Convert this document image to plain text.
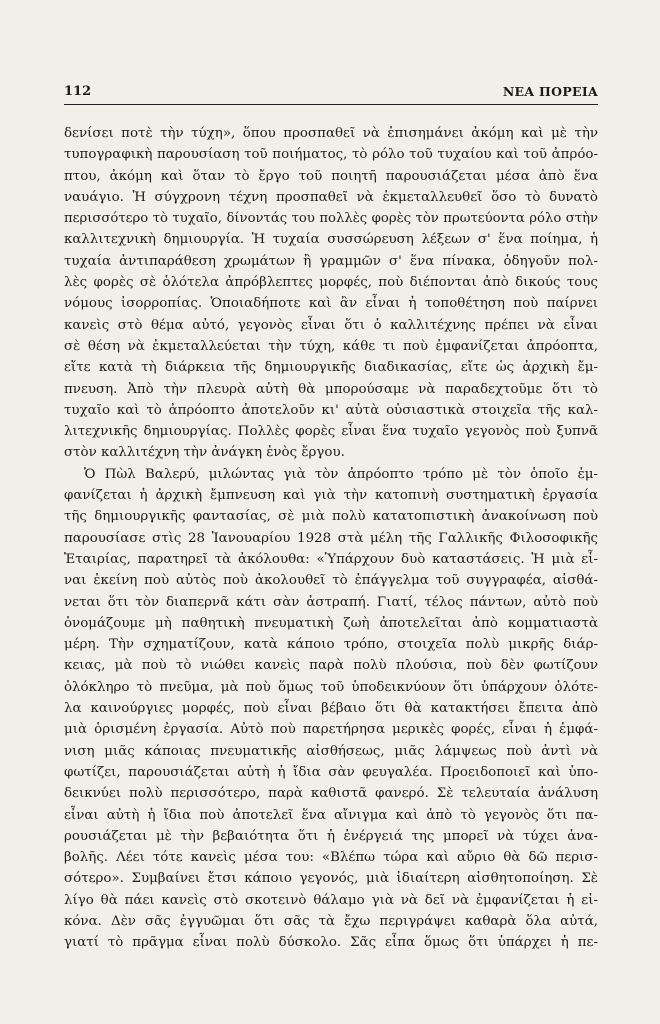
112	ΝΕΑ ΠΟΡΕΙΑ
δενίσει ποτὲ τὴν τύχη», ὅπου προσπαθεῖ νὰ ἐπισημάνει ἀκόμη καὶ μὲ τὴν
τυπογραφικὴ παρουσίαση τοῦ ποιήματος, τὸ ρόλο τοῦ τυχαίου καὶ τοῦ ἀπρόο-
πτου, ἀκόμη καὶ ὅταν τὸ ἔργο τοῦ ποιητῆ παρουσιάζεται μέσα ἀπὸ ἕνα
ναυάγιο. Ἡ σύγχρονη τέχνη προσπαθεῖ νὰ ἐκμεταλλευθεῖ ὅσο τὸ δυνατὸ
περισσότερο τὸ τυχαῖο, δίνοντάς του πολλὲς φορὲς τὸν πρωτεύοντα ρόλο στὴν
καλλιτεχνικὴ δημιουργία. Ἡ τυχαία συσσώρευση λέξεων σ' ἕνα ποίημα, ἡ
τυχαία ἀντιπαράθεση χρωμάτων ἢ γραμμῶν σ' ἕνα πίνακα, ὁδηγοῦν πολ-
λὲς φορὲς σὲ ὁλότελα ἀπρόβλεπτες μορφές, ποὺ διέπονται ἀπὸ δικούς τους
νόμους ἰσορροπίας. Ὁποιαδήποτε καὶ ἂν εἶναι ἡ τοποθέτηση ποὺ παίρνει
κανεὶς στὸ θέμα αὐτό, γεγονὸς εἶναι ὅτι ὁ καλλιτέχνης πρέπει νὰ εἶναι
σὲ θέση νὰ ἐκμεταλλεύεται τὴν τύχη, κάθε τι ποὺ ἐμφανίζεται ἀπρόοπτα,
εἴτε κατὰ τὴ διάρκεια τῆς δημιουργικῆς διαδικασίας, εἴτε ὡς ἀρχικὴ ἔμ-
πνευση. Ἀπὸ τὴν πλευρὰ αὐτὴ θὰ μπορούσαμε νὰ παραδεχτοῦμε ὅτι τὸ
τυχαῖο καὶ τὸ ἀπρόοπτο ἀποτελοῦν κι' αὐτὰ οὐσιαστικὰ στοιχεῖα τῆς καλ-
λιτεχνικῆς δημιουργίας. Πολλὲς φορὲς εἶναι ἕνα τυχαῖο γεγονὸς ποὺ ξυπνᾶ
στὸν καλλιτέχνη τὴν ἀνάγκη ἑνὸς ἔργου.
Ὁ Πὼλ Βαλερύ, μιλώντας γιὰ τὸν ἀπρόοπτο τρόπο μὲ τὸν ὁποῖο ἐμ-
φανίζεται ἡ ἀρχικὴ ἔμπνευση καὶ γιὰ τὴν κατοπινὴ συστηματικὴ ἐργασία
τῆς δημιουργικῆς φαντασίας, σὲ μιὰ πολὺ κατατοπιστικὴ ἀνακοίνωση ποὺ
παρουσίασε στὶς 28 Ἰανουαρίου 1928 στὰ μέλη τῆς Γαλλικῆς Φιλοσοφικῆς
Ἑταιρίας, παρατηρεῖ τὰ ἀκόλουθα: «Ὑπάρχουν δυὸ καταστάσεις. Ἡ μιὰ εἶ-
ναι ἐκείνη ποὺ αὐτὸς ποὺ ἀκολουθεῖ τὸ ἐπάγγελμα τοῦ συγγραφέα, αἰσθά-
νεται ὅτι τὸν διαπερνᾶ κάτι σὰν ἀστραπή. Γιατί, τέλος πάντων, αὐτὸ ποὺ
ὀνομάζουμε μὴ παθητικὴ πνευματικὴ ζωὴ ἀποτελεῖται ἀπὸ κομματιαστὰ
μέρη. Τὴν σχηματίζουν, κατὰ κάποιο τρόπο, στοιχεῖα πολὺ μικρῆς διάρ-
κειας, μὰ ποὺ τὸ νιώθει κανεὶς παρὰ πολὺ πλούσια, ποὺ δὲν φωτίζουν
ὁλόκληρο τὸ πνεῦμα, μὰ ποὺ ὅμως τοῦ ὑποδεικνύουν ὅτι ὑπάρχουν ὁλότε-
λα καινούργιες μορφές, ποὺ εἶναι βέβαιο ὅτι θὰ κατακτήσει ἔπειτα ἀπὸ
μιὰ ὁρισμένη ἐργασία. Αὐτὸ ποὺ παρετήρησα μερικὲς φορές, εἶναι ἡ ἐμφά-
νιση μιᾶς κάποιας πνευματικῆς αἰσθήσεως, μιᾶς λάμψεως ποὺ ἀντὶ νὰ
φωτίζει, παρουσιάζεται αὐτὴ ἡ ἴδια σὰν φευγαλέα. Προειδοποιεῖ καὶ ὑπο-
δεικνύει πολὺ περισσότερο, παρὰ καθιστᾶ φανερό. Σὲ τελευταία ἀνάλυση
εἶναι αὐτὴ ἡ ἴδια ποὺ ἀποτελεῖ ἕνα αἴνιγμα καὶ ἀπὸ τὸ γεγονὸς ὅτι πα-
ρουσιάζεται μὲ τὴν βεβαιότητα ὅτι ἡ ἐνέργειά της μπορεῖ νὰ τύχει ἀνα-
βολῆς. Λέει τότε κανεὶς μέσα του: «Βλέπω τώρα καὶ αὔριο θὰ δῶ περισ-
σότερο». Συμβαίνει ἔτσι κάποιο γεγονός, μιὰ ἰδιαίτερη αἰσθητοποίηση. Σὲ
λίγο θὰ πάει κανεὶς στὸ σκοτεινὸ θάλαμο γιὰ νὰ δεῖ νὰ ἐμφανίζεται ἡ εἰ-
κόνα. Δὲν σᾶς ἐγγυῶμαι ὅτι σᾶς τὰ ἔχω περιγράψει καθαρὰ ὅλα αὐτά,
γιατί τὸ πρᾶγμα εἶναι πολὺ δύσκολο. Σᾶς εἶπα ὅμως ὅτι ὑπάρχει ἡ πε-
